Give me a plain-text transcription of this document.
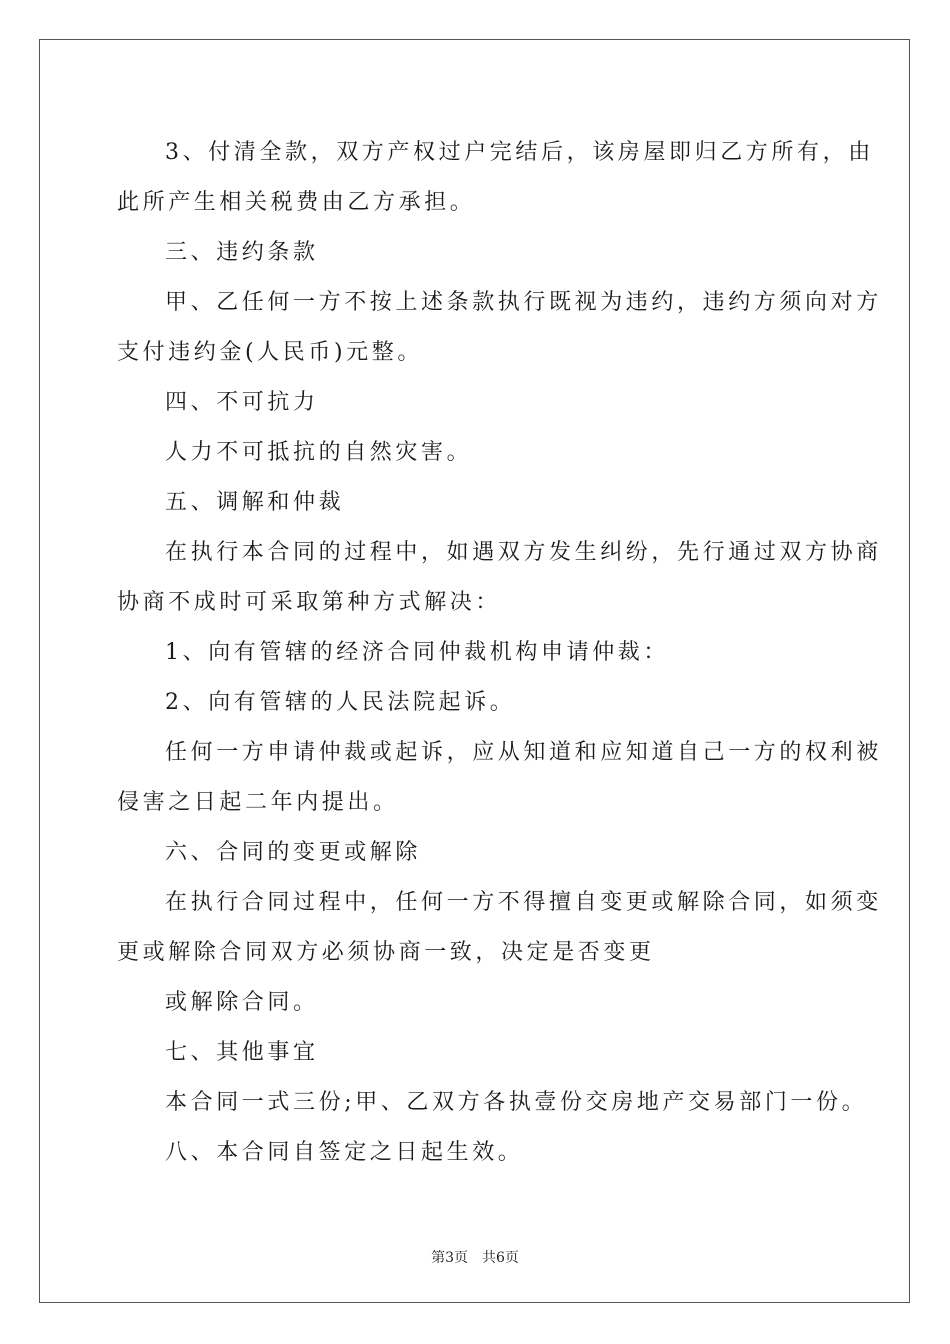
3、付清全款，双方产权过户完结后，该房屋即归乙方所有，由

此所产生相关税费由乙方承担。

三、违约条款

甲、乙任何一方不按上述条款执行既视为违约，违约方须向对方

支付违约金(人民币)元整。

四、不可抗力

人力不可抵抗的自然灾害。

五、调解和仲裁

在执行本合同的过程中，如遇双方发生纠纷，先行通过双方协商

协商不成时可采取第种方式解决：

1、向有管辖的经济合同仲裁机构申请仲裁：

2、向有管辖的人民法院起诉。

任何一方申请仲裁或起诉，应从知道和应知道自己一方的权利被

侵害之日起二年内提出。

六、合同的变更或解除

在执行合同过程中，任何一方不得擅自变更或解除合同，如须变

更或解除合同双方必须协商一致，决定是否变更

或解除合同。

七、其他事宜

本合同一式三份;甲、乙双方各执壹份交房地产交易部门一份。

八、本合同自签定之日起生效。

第3页　共6页
